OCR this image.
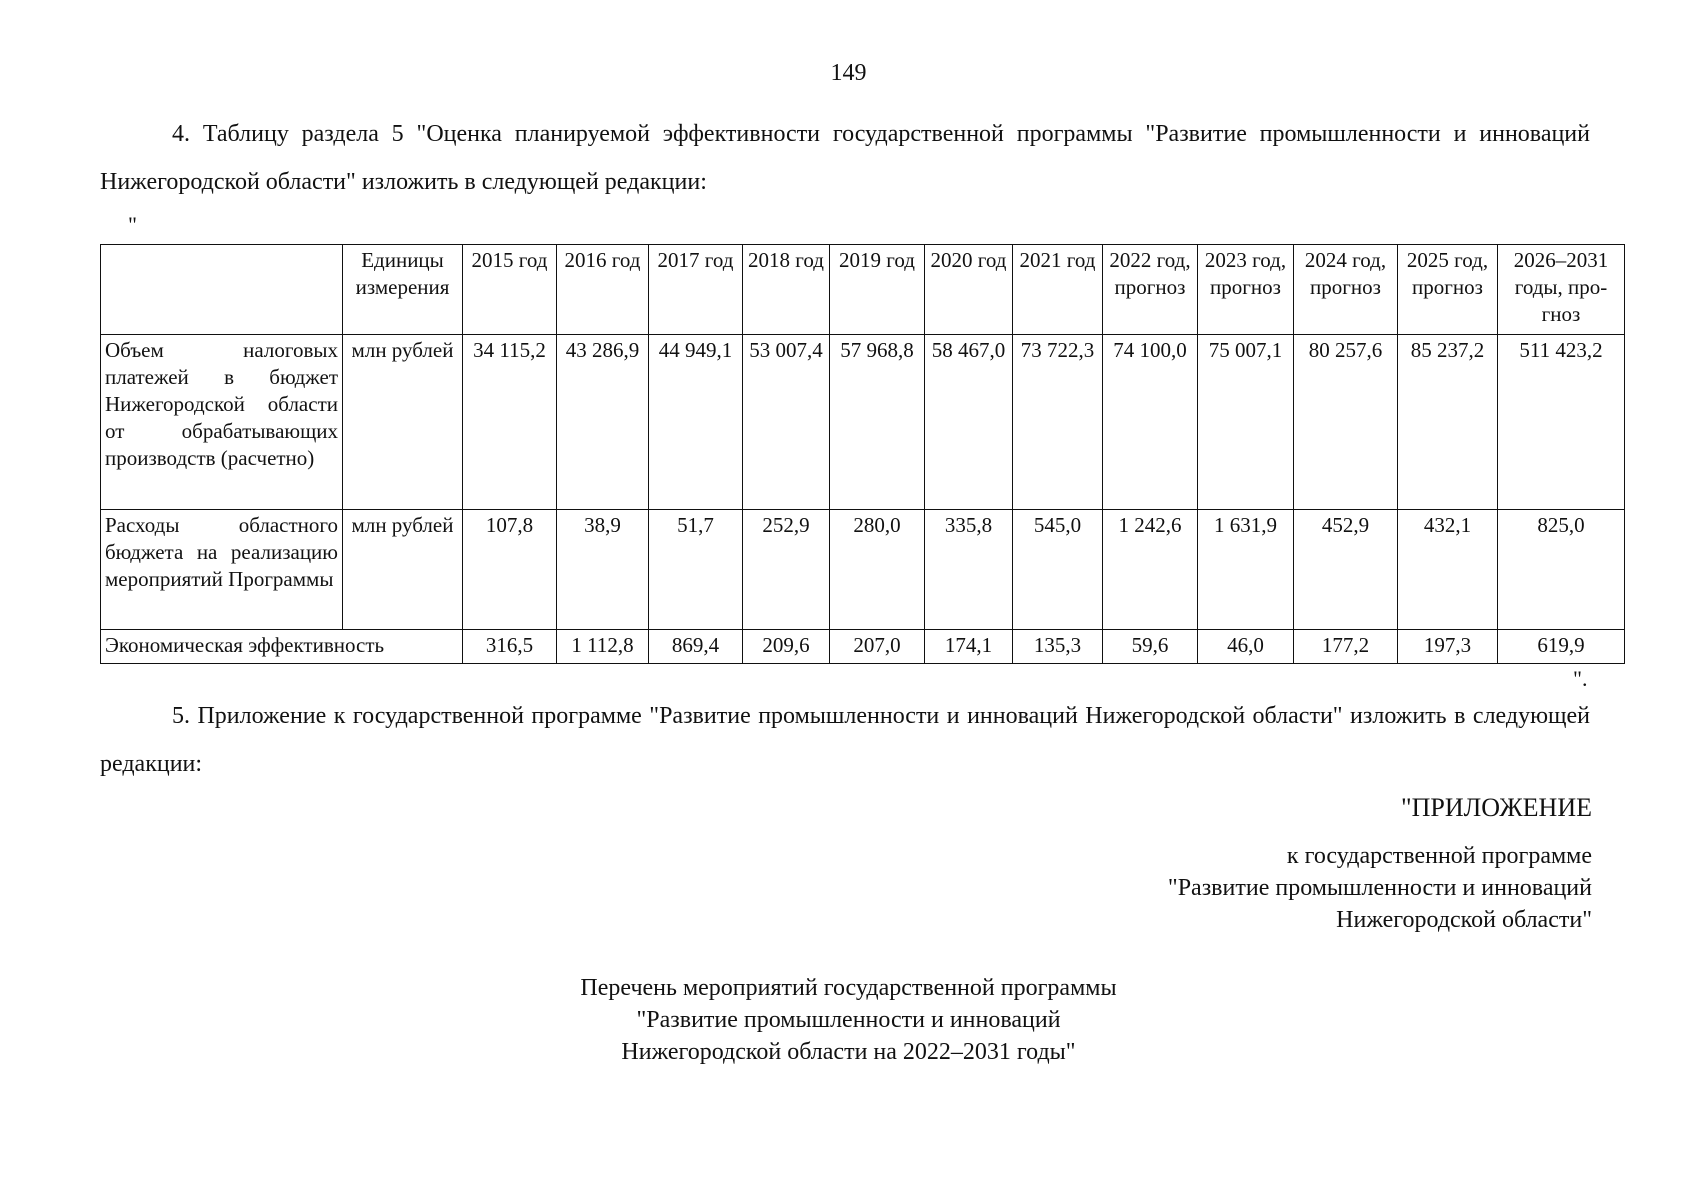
149
4. Таблицу раздела 5 "Оценка планируемой эффективности государственной программы "Развитие промышленности и инноваций Нижегородской области" изложить в следующей редакции:
"
	Единицы измерения	2015 год	2016 год	2017 год	2018 год	2019 год	2020 год	2021 год	2022 год, прогноз	2023 год, прогноз	2024 год, прогноз	2025 год, прогноз	2026–2031 годы, прогноз
Объем налоговых платежей в бюджет Нижегородской области от обрабатывающих производств (расчетно)	млн рублей	34 115,2	43 286,9	44 949,1	53 007,4	57 968,8	58 467,0	73 722,3	74 100,0	75 007,1	80 257,6	85 237,2	511 423,2
Расходы областного бюджета на реализацию мероприятий Программы	млн рублей	107,8	38,9	51,7	252,9	280,0	335,8	545,0	1 242,6	1 631,9	452,9	432,1	825,0
Экономическая эффективность		316,5	1 112,8	869,4	209,6	207,0	174,1	135,3	59,6	46,0	177,2	197,3	619,9
".
5. Приложение к государственной программе "Развитие промышленности и инноваций Нижегородской области" изложить в следующей редакции:
"ПРИЛОЖЕНИЕ
к государственной программе
"Развитие промышленности и инноваций
Нижегородской области"
Перечень мероприятий государственной программы
"Развитие промышленности и инноваций
Нижегородской области на 2022–2031 годы"
